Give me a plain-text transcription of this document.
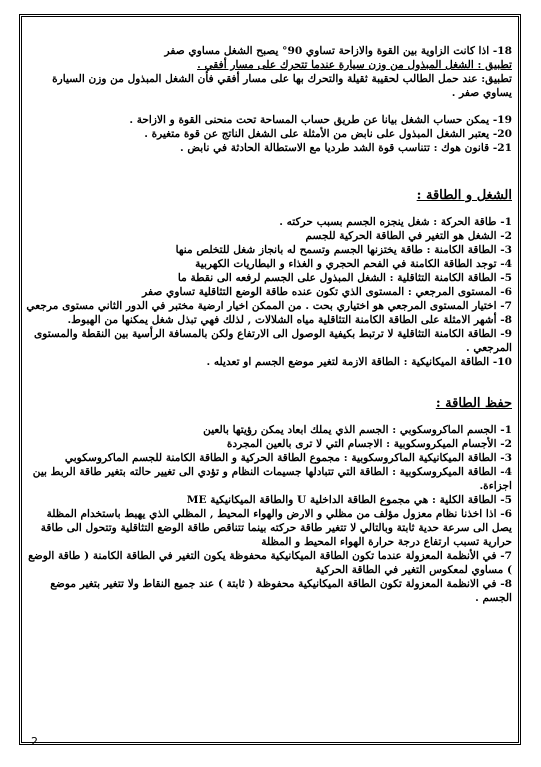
18- اذا كانت الزاوية بين القوة والازاحة تساوي 90° يصبح الشغل مساوي صفر

تطبيق : الشغل المبذول من وزن سيارة عندما تتحرك على مسار أفقي .

تطبيق: عند حمل الطالب لحقيبة ثقيلة والتحرك بها على مسار أفقي فأن الشغل المبذول من وزن السيارة يساوي صفر .

19- يمكن حساب الشغل بيانا عن طريق حساب المساحة تحت منحنى القوة و الازاحة .

20- يعتبر الشغل المبذول على نابض من الأمثلة على الشغل الناتج عن قوة متغيرة .

21- قانون هوك : تتناسب قوة الشد طرديا مع الاستطالة الحادثة في نابض .

الشغل و الطاقة :

1- طاقة الحركة : شغل ينجزه الجسم بسبب حركته .

2- الشغل هو التغير في الطاقة الحركية للجسم

3- الطاقة الكامنة : طاقة يختزنها الجسم وتسمح له بانجاز شغل للتخلص منها

4- توجد الطاقة الكامنة في الفحم الحجري و الغذاء و البطاريات الكهربية

5- الطاقة الكامنة التثاقلية : الشغل المبذول على الجسم لرفعه الى نقطة ما

6- المستوى المرجعي : المستوى الذي تكون عنده طاقة الوضع التثاقلية تساوي صفر

7- اختيار المستوى المرجعي هو اختياري بحت . من الممكن اخيار ارضية مختبر في الدور الثاني مستوى مرجعي

8- أشهر الامثلة على الطاقة الكامنة التثاقلية مياه الشلالات , لذلك فهي تبذل شغل يمكنها من الهبوط.

9- الطاقة الكامنة التثاقلية لا ترتبط بكيفية الوصول الى الارتفاع ولكن بالمسافة الرأسية بين النقطة والمستوى المرجعي .

10- الطاقة الميكانيكية : الطاقة الازمة لتغير موضع الجسم او تعديله .

حفظ الطاقة :

1- الجسم الماكروسكوبي : الجسم الذي يملك ابعاد يمكن رؤيتها بالعين

2- الأجسام الميكروسكوبية : الاجسام التي لا ترى بالعين المجردة

3- الطاقة الميكانيكية الماكروسكوبية : مجموع الطاقة الحركية و الطاقة الكامنة للجسم الماكروسكوبي

4- الطاقة الميكروسكوبية : الطاقة التي تتبادلها جسيمات النظام و تؤدي الى تغيير حالته بتغير طاقة الربط بين اجزاءة.

5- الطاقة الكلية : هي مجموع الطاقة الداخلية U والطاقة الميكانيكية ME

6- اذا اخذنا نظام معزول مؤلف من مظلي و الارض والهواء المحيط , المظلي الذي يهبط باستخدام المظلة يصل الى سرعة حدية ثابتة وبالتالي لا تتغير طاقة حركته بينما تتناقص طاقة الوضع التثاقلية وتتحول الى طاقة حرارية تسبب ارتفاع درجة حرارة الهواء المحيط و المظلة

7- في الأنظمة المعزولة عندما تكون الطاقة الميكانيكية محفوظة يكون التغير في الطاقة الكامنة ( طاقة الوضع ) مساوي لمعكوس التغير في الطاقة الحركية

8- في الانظمة المعزولة تكون الطاقة الميكانيكية محفوظة ( ثابتة ) عند جميع النقاط ولا تتغير بتغير موضع الجسم .

2
